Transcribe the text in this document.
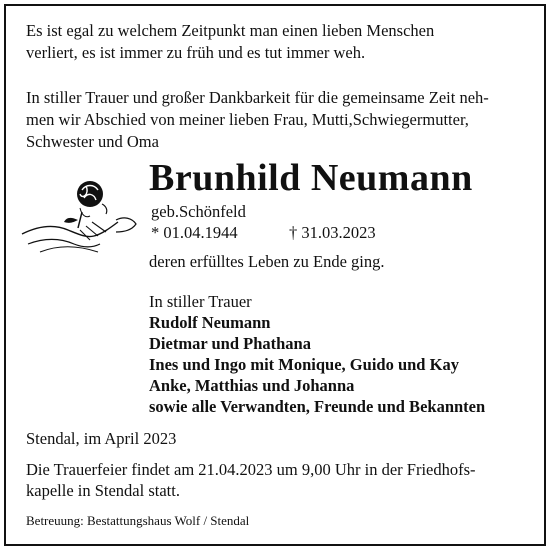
Es ist egal zu welchem Zeitpunkt man einen lieben Menschen
verliert, es ist immer zu früh und es tut immer weh.
In stiller Trauer und großer Dankbarkeit für die gemeinsame Zeit neh-
men wir Abschied von meiner lieben Frau, Mutti,Schwiegermutter,
Schwester und Oma
Brunhild Neumann
geb.Schönfeld
* 01.04.1944	† 31.03.2023
deren erfülltes Leben zu Ende ging.
In stiller Trauer
Rudolf Neumann
Dietmar und Phathana
Ines und Ingo mit Monique, Guido und Kay
Anke, Matthias und Johanna
sowie alle Verwandten, Freunde und Bekannten
Stendal, im April 2023
Die Trauerfeier findet am 21.04.2023 um 9,00 Uhr in der Friedhofs-
kapelle in Stendal statt.
Betreuung: Bestattungshaus Wolf / Stendal
